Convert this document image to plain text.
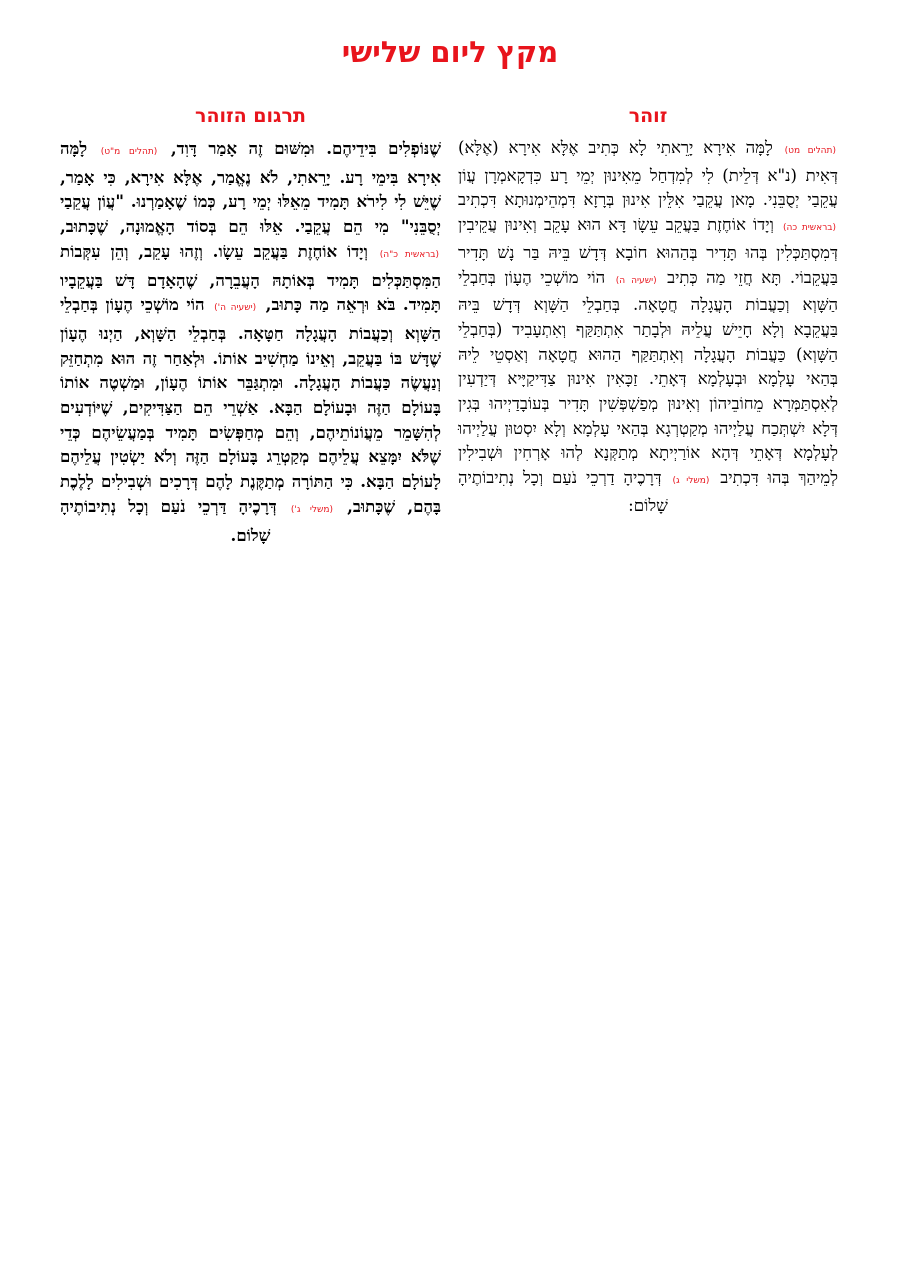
מקץ ליום שלישי
זוהר
(תהלים מט) לָמָּה אִירָא יָרֵאתִי לָא כְּתִיב אֶלָּא אִירָא (אֶלָּא) דְּאִית (נ"א דְּלֵית) לִי לְמִדְחַל מֵאִינוּן יְמֵי רָע כִּדְקָאמְרָן עֲוֹן עֲקֵבַי יְסֻבֵּנִי. מָאן עֲקֵבַי אִלֵּין אִינוּן בְּרָזָא דִּמְהֵימְנוּתָא דִּכְתִיב (בראשית כה) וְיָדוֹ אוֹחֶזֶת בַּעֲקֵב עֵשָׂו דָּא הוּא עָקֵב וְאִינוּן עֲקֵיבִין דְּמִסְתַּכְּלִין בְּהוּ תָּדִיר בְּהַהוּא חוֹבָא דְּדָשׁ בֵּיהּ בַּר נָשׁ תָּדִיר בַּעֲקֵבוֹי. תָּא חֲזֵי מַה כְּתִיב (ישעיה ה) הוֹי מוֹשְׁכֵי הֶעָוֹן בְּחַבְלֵי הַשָּׁוְא וְכַעֲבוֹת הָעֲגָלָה חֲטָאָה. בְּחַבְלֵי הַשָּׁוְא דְּדָשׁ בֵּיהּ בַּעֲקֵבָא וְלָא חָיֵישׁ עֲלֵיהּ וּלְבָתַר אִתְתַּקַּף וְאִתְעָבִיד (בְּחַבְלֵי הַשָּׁוְא) כַּעֲבוֹת הָעֲגָלָה וְאִתְתַּקַּף הַהוּא חֲטָאָה וְאַסְטֵי לֵיהּ בְּהַאי עָלְמָא וּבְעָלְמָא דְּאָתֵי. זַכָּאִין אִינוּן צַדִּיקַיָּיא דְּיַדְעִין לְאִסְתַּמְּרָא מֵחוֹבֵיהוֹן וְאִינוּן מְפַשְׁפְּשִׁין תָּדִיר בְּעוֹבָדַיְיהוּ בְּגִין דְּלָא יִשְׁתְּכַח עֲלַיְיהוּ מְקַטְרְגָא בְּהַאי עָלְמָא וְלָא יִסְטוּן עֲלַיְיהוּ לְעָלְמָא דְּאָתֵי דְּהָא אוֹרַיְיתָא מְתַקְּנָא לְהוּ אָרְחִין וּשְׁבִילִין לְמֵיהַךְ בְּהוּ דִּכְתִיב (משלי ג) דְּרָכֶיהָ דַרְכֵי נֹעַם וְכָל נְתִיבוֹתֶיהָ שָׁלוֹם:
תרגום הזוהר
שֶׁנּוֹפְלִים בִּידֵיהֶם. וּמִשּׁוּם זֶה אָמַר דָּוִד, (תהלים מ"ט) לָמָּה אִירָא בִּימֵי רָע. יָרֵאתִי, לֹא נֶאֱמַר, אֶלָּא אִירָא, כִּי אָמַר, שֶׁיֵּשׁ לִי לִירֹא תָּמִיד מֵאֵלּוּ יְמֵי רָע, כְּמוֹ שֶׁאָמַרְנוּ. "עֲוֹן עֲקֵבַי יְסֻבֵּנִי" מִי הֵם עֲקֵבַי. אֵלּוּ הֵם בְּסוֹד הָאֱמוּנָה, שֶׁכָּתוּב, (בראשית כ"ה) וְיָדוֹ אוֹחֶזֶת בַּעֲקֵב עֵשָׂו. וְזֶהוּ עָקֵב, וְהֵן עִקְּבוֹת הַמִּסְתַּכְּלִים תָּמִיד בְּאוֹתָהּ הָעֲבֵרָה, שֶׁהָאָדָם דָּשׁ בַּעֲקֵבָיו תָּמִיד. בֹּא וּרְאֵה מַה כָּתוּב, (ישעיה ה') הוֹי מוֹשְׁכֵי הֶעָוֹן בְּחַבְלֵי הַשָּׁוְא וְכַעֲבוֹת הָעֲגָלָה חַטָּאָה. בְּחַבְלֵי הַשָּׁוְא, הַיְנוּ הֶעָוֹן שֶׁדָּשׁ בּוֹ בַּעֲקֵב, וְאֵינוֹ מַחְשִׁיב אוֹתוֹ. וּלְאַחַר זֶה הוּא מִתְחַזֵּק וְנַעֲשֶׂה כַּעֲבוֹת הָעֲגָלָה. וּמִתְגַּבֵּר אוֹתוֹ הֶעָוֹן, וּמַשְׁטֶה אוֹתוֹ בָּעוֹלָם הַזֶּה וּבָעוֹלָם הַבָּא. אַשְׁרֵי הֵם הַצַּדִּיקִים, שֶׁיּוֹדְעִים לְהִשָּׁמֵר מֵעֲוֹנוֹתֵיהֶם, וְהֵם מְחַפְּשִׂים תָּמִיד בְּמַעֲשֵׂיהֶם כְּדֵי שֶׁלֹּא יִמָּצֵא עֲלֵיהֶם מְקַטְרֵג בָּעוֹלָם הַזֶּה וְלֹא יַשְׂטִין עֲלֵיהֶם לָעוֹלָם הַבָּא. כִּי הַתּוֹרָה מְתַקֶּנֶת לָהֶם דְּרָכִים וּשְׁבִילִים לָלֶכֶת בָּהֶם, שֶׁכָּתוּב, (משלי ג') דְּרָכֶיהָ דַּרְכֵי נֹעַם וְכָל נְתִיבוֹתֶיהָ שָׁלוֹם.
